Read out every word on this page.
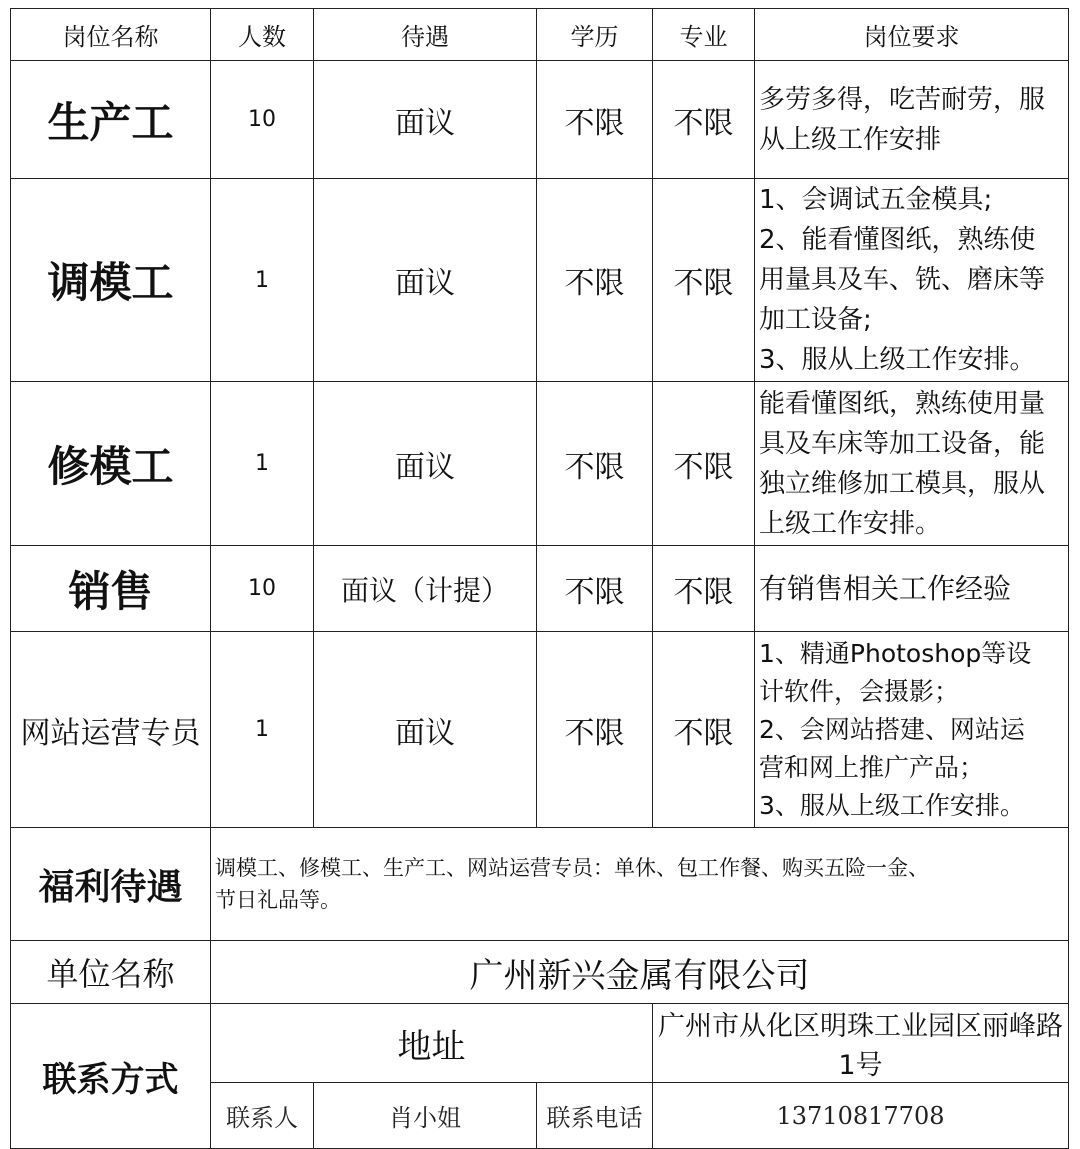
岗位名称	人数	待遇	学历	专业	岗位要求
生产工	10	面议	不限	不限	多劳多得，吃苦耐劳，服
从上级工作安排

调模工	1	面议	不限	不限	1、会调试五金模具;
2、能看懂图纸，熟练使
用量具及车、铣、磨床等
加工设备;
3、服从上级工作安排。

修模工	1	面议	不限	不限	能看懂图纸，熟练使用量
具及车床等加工设备，能
独立维修加工模具，服从
上级工作安排。

销售	10	面议（计提）	不限	不限	有销售相关工作经验

网站运营专员	1	面议	不限	不限	1、精通Photoshop等设
计软件，会摄影；
2、会网站搭建、网站运
营和网上推广产品；
3、服从上级工作安排。

福利待遇	调模工、修模工、生产工、网站运营专员：单休、包工作餐、购买五险一金、
节日礼品等。				

单位名称	广州新兴金属有限公司				
联系方式	地址			广州市从化区明珠工业园区丽峰路1号	
	联系人	肖小姐	联系电话	13710817708	
